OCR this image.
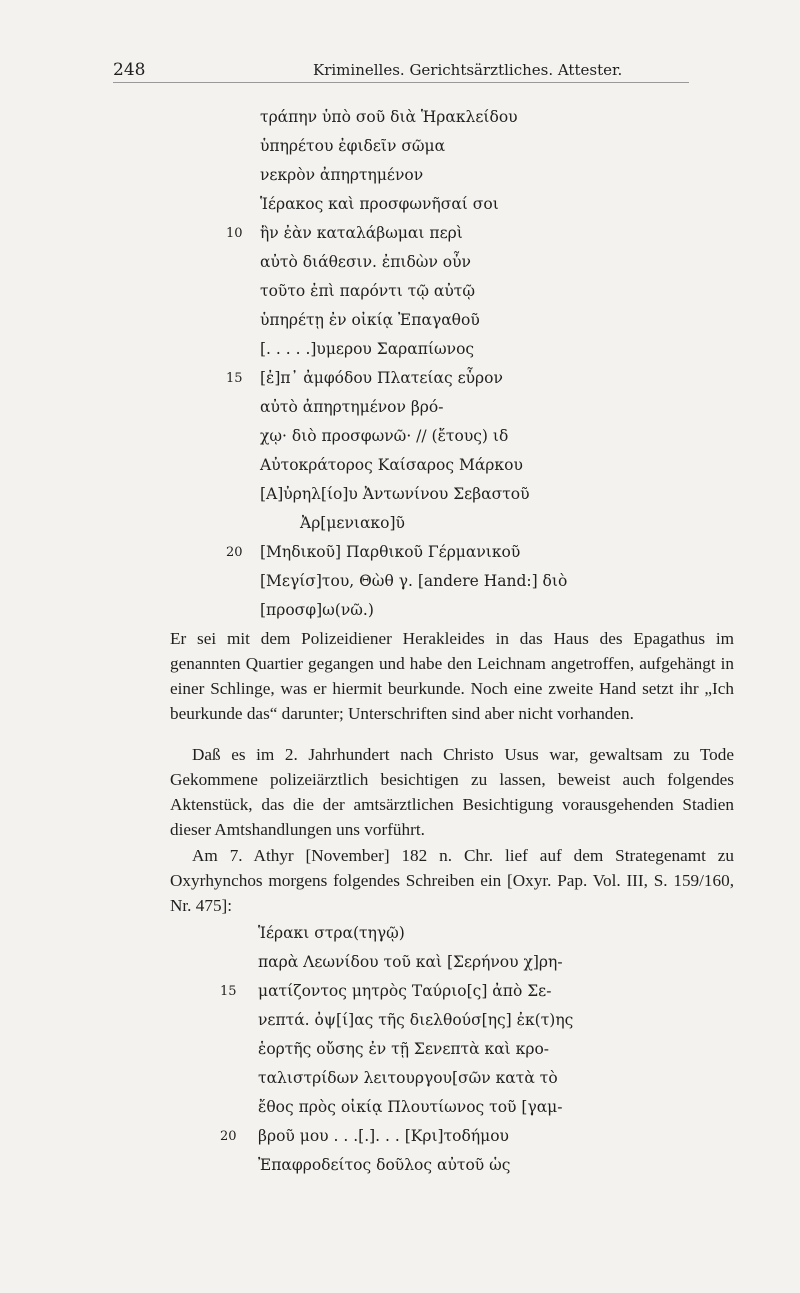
248	Kriminelles. Gerichtsärztliches. Attester.
τράπην ὑπὸ σοῦ διὰ Ἡρακλείδου
ὑπηρέτου ἐφιδεῖν σῶμα
νεκρὸν ἀπηρτημένον
Ἱέρακος καὶ προσφωνῆσαί σοι
10 ἣν ἐὰν καταλάβωμαι περὶ
αὐτὸ διάθεσιν. ἐπιδὼν οὖν
τοῦτο ἐπὶ παρόντι τῷ αὐτῷ
ὑπηρέτῃ ἐν οἰκίᾳ Ἐπαγαθοῦ
[. . . . .]υμερου Σαραπίωνος
15 [ἐ]π᾽ ἀμφόδου Πλατείας εὗρον
αὐτὸ ἀπηρτημένον βρό-
χῳ· διὸ προσφωνῶ· // (ἔτους) ιδ
Αὐτοκράτορος Καίσαρος Μάρκου
[Α]ὐρηλ[ίο]υ Ἀντωνίνου Σεβαστοῦ
Ἀρ[μενιακο]ῦ
20 [Μηδικοῦ] Παρθικοῦ Γέρμανικοῦ
[Μεγίσ]του, Θὼθ γ. [andere Hand:] διὸ
[προσφ]ω(νῶ.)

Er sei mit dem Polizeidiener Herakleides in das Haus des Epagathus im genannten Quartier gegangen und habe den Leichnam angetroffen, aufgehängt in einer Schlinge, was er hiermit beurkunde. Noch eine zweite Hand setzt ihr „Ich beurkunde das“ darunter; Unterschriften sind aber nicht vorhanden.

Daß es im 2. Jahrhundert nach Christo Usus war, gewaltsam zu Tode Gekommene polizeiärztlich besichtigen zu lassen, beweist auch folgendes Aktenstück, das die der amtsärztlichen Besichtigung vorausgehenden Stadien dieser Amtshandlungen uns vorführt.

Am 7. Athyr [November] 182 n. Chr. lief auf dem Strategenamt zu Oxyrhynchos morgens folgendes Schreiben ein [Oxyr. Pap. Vol. III, S. 159/160, Nr. 475]:

Ἱέρακι στρα(τηγῷ)
παρὰ Λεωνίδου τοῦ καὶ [Σερήνου χ]ρη-
15 ματίζοντος μητρὸς Ταύριο[ς] ἀπὸ Σε-
νεπτά. ὀψ[ί]ας τῆς διελθούσ[ης] ἐκ(τ)ης
ἑορτῆς οὔσης ἐν τῇ Σενεπτὰ καὶ κρο-
ταλιστρίδων λειτουργου[σῶν κατὰ τὸ
ἔθος πρὸς οἰκίᾳ Πλουτίωνος τοῦ [γαμ-
20 βροῦ μου . . .[.]. . . [Κρι]τοδήμου
Ἐπαφροδείτος δοῦλος αὐτοῦ ὡς
